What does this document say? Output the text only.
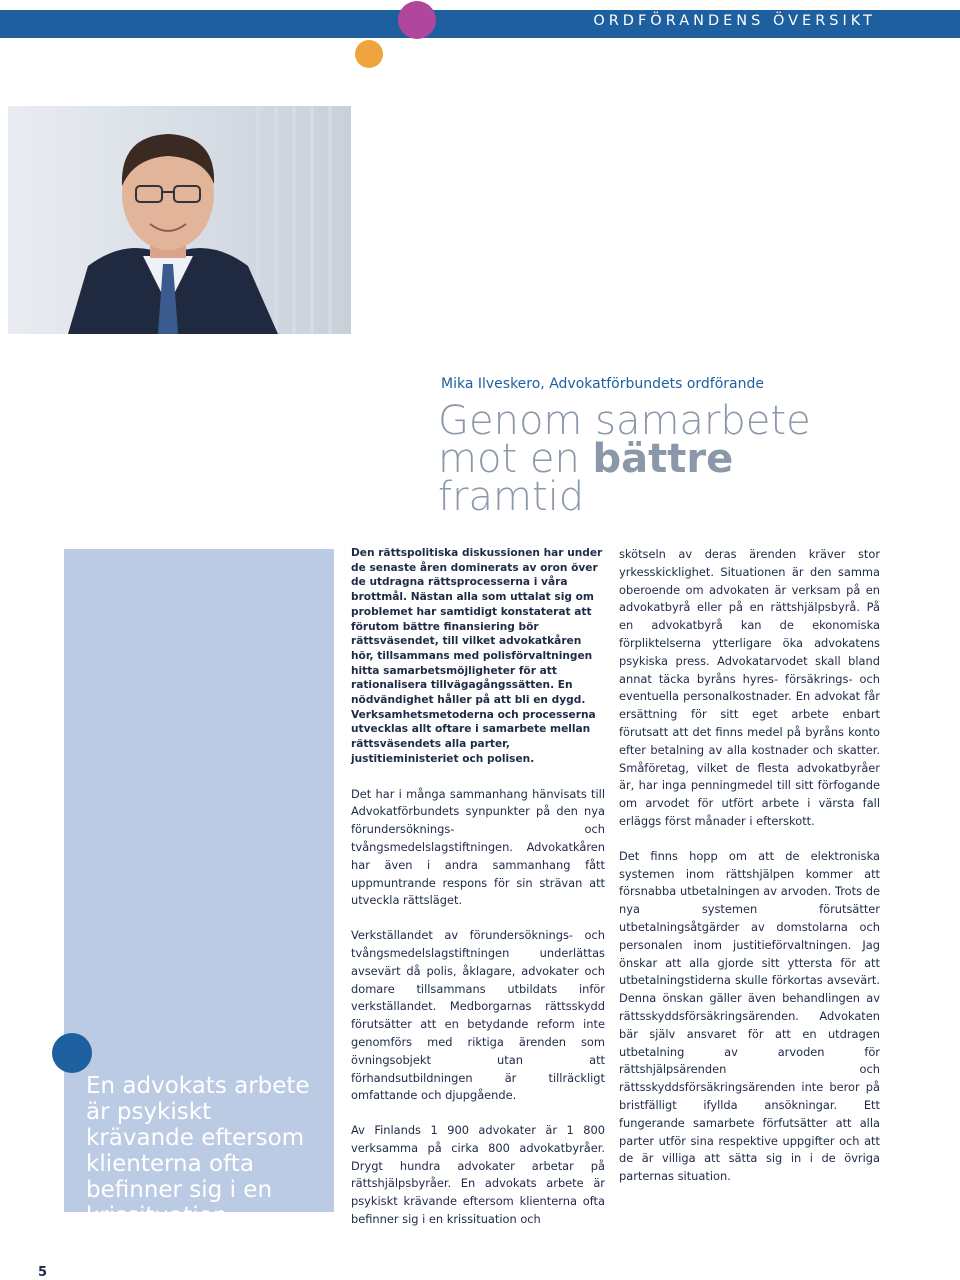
ORDFÖRANDENS ÖVERSIKT
Mika Ilveskero, Advokatförbundets ordförande
Genom samarbete
mot en bättre
framtid
En advokats arbete är psykiskt krävande eftersom klienterna ofta befinner sig i en krissituation.

Den rättspolitiska diskussionen har under de senaste åren dominerats av oron över de utdragna rättsprocesserna i våra brottmål. Nästan alla som uttalat sig om problemet har samtidigt konstaterat att förutom bättre finansiering bör rättsväsendet, till vilket advokatkåren hör, tillsammans med polisförvaltningen hitta samarbetsmöjligheter för att rationalisera tillvägagångssätten. En nödvändighet håller på att bli en dygd. Verksamhetsmetoderna och processerna utvecklas allt oftare i samarbete mellan rättsväsendets alla parter, justitieministeriet och polisen.

Det har i många sammanhang hänvisats till Advokatförbundets synpunkter på den nya förundersöknings- och tvångsmedelslagstiftningen. Advokatkåren har även i andra sammanhang fått uppmuntrande respons för sin strävan att utveckla rättsläget.

Verkställandet av förundersöknings- och tvångsmedelslagstiftningen underlättas avsevärt då polis, åklagare, advokater och domare tillsammans utbildats inför verkställandet. Medborgarnas rättsskydd förutsätter att en betydande reform inte genomförs med riktiga ärenden som övningsobjekt utan att förhandsutbildningen är tillräckligt omfattande och djupgående.

Av Finlands 1 900 advokater är 1 800 verksamma på cirka 800 advokatbyråer. Drygt hundra advokater arbetar på rättshjälpsbyråer. En advokats arbete är psykiskt krävande eftersom klienterna ofta befinner sig i en krissituation och

skötseln av deras ärenden kräver stor yrkesskicklighet. Situationen är den samma oberoende om advokaten är verksam på en advokatbyrå eller på en rättshjälpsbyrå. På en advokatbyrå kan de ekonomiska förpliktelserna ytterligare öka advokatens psykiska press. Advokatarvodet skall bland annat täcka byråns hyres- försäkrings- och eventuella personalkostnader. En advokat får ersättning för sitt eget arbete enbart förutsatt att det finns medel på byråns konto efter betalning av alla kostnader och skatter. Småföretag, vilket de flesta advokatbyråer är, har inga penningmedel till sitt förfogande om arvodet för utfört arbete i värsta fall erläggs först månader i efterskott.

Det finns hopp om att de elektroniska systemen inom rättshjälpen kommer att försnabba utbetalningen av arvoden. Trots de nya systemen förutsätter utbetalningsåtgärder av domstolarna och personalen inom justitieförvaltningen. Jag önskar att alla gjorde sitt yttersta för att utbetalningstiderna skulle förkortas avsevärt. Denna önskan gäller även behandlingen av rättsskyddsförsäkringsärenden. Advokaten bär själv ansvaret för att en utdragen utbetalning av arvoden för rättshjälpsärenden och rättsskyddsförsäkringsärenden inte beror på bristfälligt ifyllda ansökningar. Ett fungerande samarbete förfutsätter att alla parter utför sina respektive uppgifter och att de är villiga att sätta sig in i de övriga parternas situation.

5
